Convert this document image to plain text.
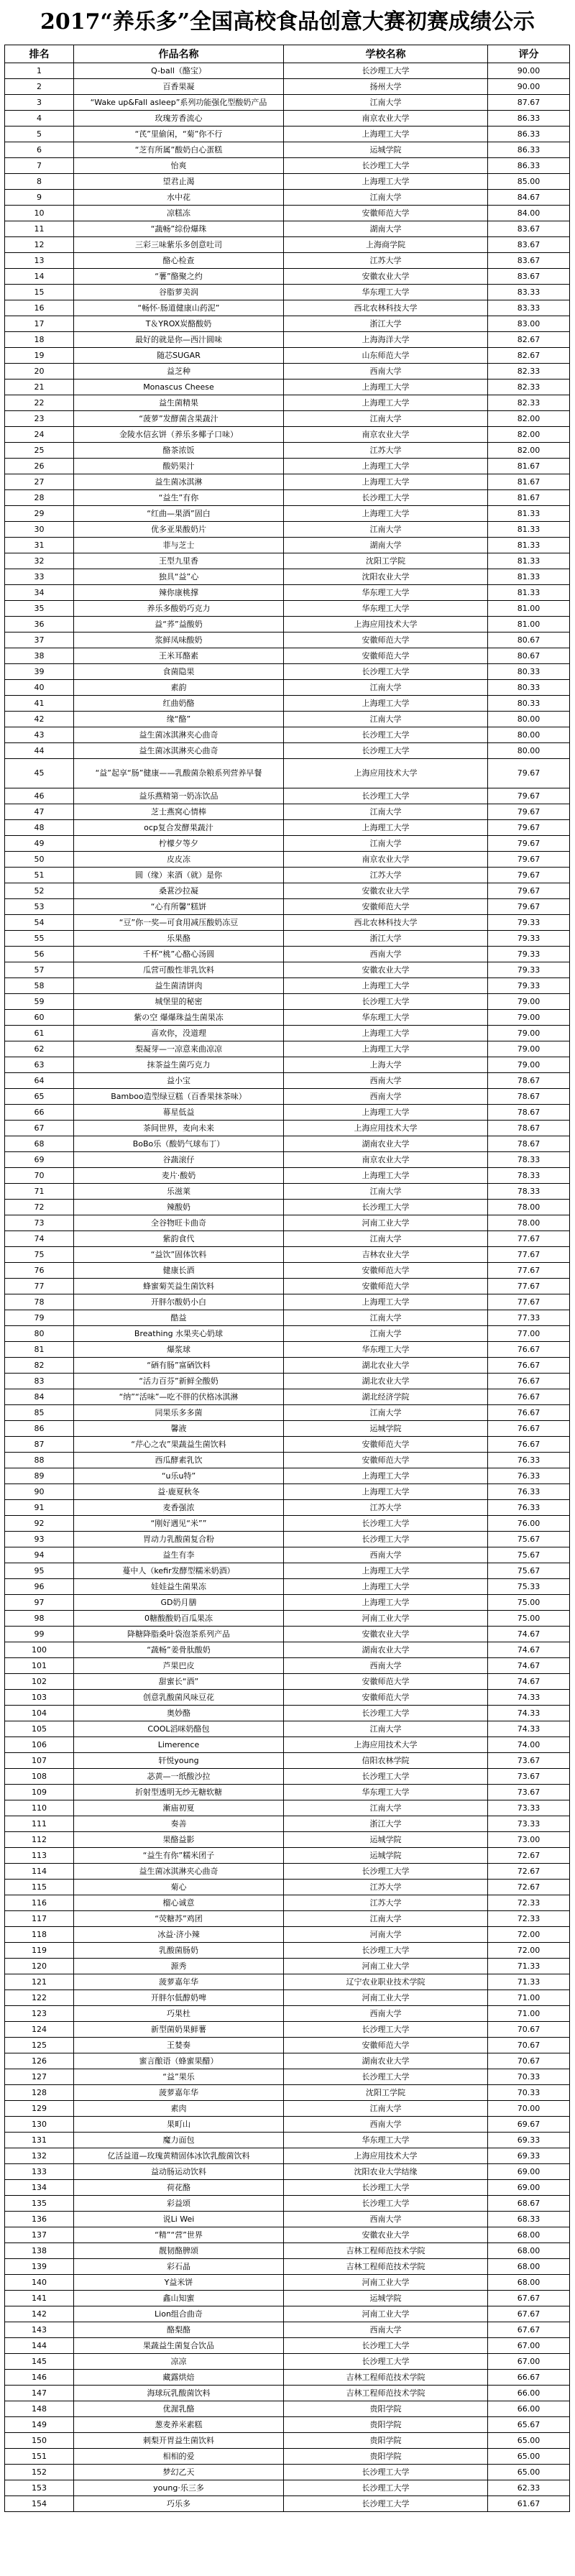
2017“养乐多”全国高校食品创意大赛初赛成绩公示
排名	作品名称	学校名称	评分
1	Q-ball（酪宝）	长沙理工大学	90.00
2	百香果凝	扬州大学	90.00
3	“Wake up&Fall asleep”系列功能强化型酸奶产品	江南大学	87.67
4	玫瑰芳香流心	南京农业大学	86.33
5	“芪”里偷闲，“菊”你不行	上海理工大学	86.33
6	“芝有所属”酸奶白心蛋糕	运城学院	86.33
7	怡爽	长沙理工大学	86.33
8	望君止渴	上海理工大学	85.00
9	水中花	江南大学	84.67
10	凉糕冻	安徽师范大学	84.00
11	“蔬畅”综份爆珠	湖南大学	83.67
12	三彩三味紫乐多创意吐司	上海商学院	83.67
13	酪心检查	江苏大学	83.67
14	“薯”酪聚之约	安徽农业大学	83.67
15	谷脂萝美润	华东理工大学	83.33
16	“畅怀·肠道健康山药泥”	西北农林科技大学	83.33
17	T＆YROX炭酪酸奶	浙江大学	83.00
18	最好的就是你—西汁圆味	上海海洋大学	82.67
19	随芯SUGAR	山东师范大学	82.67
20	益芝种	西南大学	82.33
21	Monascus Cheese	上海理工大学	82.33
22	益生菌精果	上海理工大学	82.33
23	“菠萝”发酵菌含果蔬汁	江南大学	82.00
24	金陵水信玄饼（养乐多椰子口味）	南京农业大学	82.00
25	酪茶浓饭	江苏大学	82.00
26	酸奶果汁	上海理工大学	81.67
27	益生菌冰淇淋	上海理工大学	81.67
28	“益生”有你	长沙理工大学	81.67
29	“红曲—果酒”固白	上海理工大学	81.33
30	优多亚果酸奶片	江南大学	81.33
31	菲与芝士	湖南大学	81.33
32	王型九里香	沈阳工学院	81.33
33	独具“益”心	沈阳农业大学	81.33
34	辣你康桃撑	华东理工大学	81.33
35	养乐多酸奶巧克力	华东理工大学	81.00
36	益“荞”益酸奶	上海应用技术大学	81.00
37	浆鲜凤味酸奶	安徽师范大学	80.67
38	王米耳酪素	安徽师范大学	80.67
39	食菌隐果	长沙理工大学	80.33
40	素韵	江南大学	80.33
41	红曲奶酪	上海理工大学	80.33
42	缘“酪”	江南大学	80.00
43	益生菌冰淇淋夹心曲奇	长沙理工大学	80.00
44	益生菌冰淇淋夹心曲奇	长沙理工大学	80.00
45	“益”起享“肠”健康——乳酸菌杂粮系列营养早餐	上海应用技术大学	79.67
46	益乐燕精第一奶冻饮品	长沙理工大学	79.67
47	芝士燕窝心情棒	江南大学	79.67
48	ocp复合发酵果蔬汁	上海理工大学	79.67
49	柠檬夕等夕	江南大学	79.67
50	皮皮冻	南京农业大学	79.67
51	圆（缘）来酒（就）是你	江苏大学	79.67
52	桑葚沙拉凝	安徽农业大学	79.67
53	“心有所馨”糕饼	安徽师范大学	79.67
54	“豆”你一奖—可食用减压酸奶冻豆	西北农林科技大学	79.33
55	乐果酪	浙江大学	79.33
56	千杯“桃”心酪心汤圆	西南大学	79.33
57	瓜营可酸性菲乳饮料	安徽农业大学	79.33
58	益生菌清饼肉	上海理工大学	79.33
59	城堡里的秘密	长沙理工大学	79.00
60	紫の空 爆爆珠益生菌果冻	华东理工大学	79.00
61	喜欢你，没道理	上海理工大学	79.00
62	梨凝芽—一凉意来曲凉凉	上海理工大学	79.00
63	抹茶益生菌巧克力	上海大学	79.00
64	益小宝	西南大学	78.67
65	Bamboo造型绿豆糕（百香果抹茶味）	西南大学	78.67
66	幕星低益	上海理工大学	78.67
67	茶间世界，麦向未来	上海应用技术大学	78.67
68	BoBo乐（酸奶气球布丁）	湖南农业大学	78.67
69	谷蔬滚仔	南京农业大学	78.33
70	麦片·酸奶	上海理工大学	78.33
71	乐滋莱	江南大学	78.33
72	辣酸奶	长沙理工大学	78.00
73	全谷物旺卡曲奇	河南工业大学	78.00
74	紫韵食代	江南大学	77.67
75	“益饮”固体饮料	吉林农业大学	77.67
76	健康长酒	安徽师范大学	77.67
77	蜂蜜菊芙益生菌饮料	安徽师范大学	77.67
78	开胖尔酸奶小白	上海理工大学	77.67
79	酷益	江南大学	77.33
80	Breathing 水果夹心奶球	江南大学	77.00
81	爆浆球	华东理工大学	76.67
82	“硒有肠”富硒饮料	湖北农业大学	76.67
83	“活力百芬”新鲜全酸奶	湖北农业大学	76.67
84	“纳”“活味”—吃不胖的伏格冰淇淋	湖北经济学院	76.67
85	同果乐多多菌	江南大学	76.67
86	馨液	运城学院	76.67
87	“芹心之农”果蔬益生菌饮料	安徽师范大学	76.67
88	西瓜酵素乳饮	安徽师范大学	76.33
89	“u乐u特”	上海理工大学	76.33
90	益·鹿夏秋冬	上海理工大学	76.33
91	麦香强浓	江苏大学	76.33
92	“刚好遇见“米””	长沙理工大学	76.00
93	胃动力乳酸菌复合粉	长沙理工大学	75.67
94	益生有李	西南大学	75.67
95	蔓中人（kefir发酵型糯米奶酒）	上海理工大学	75.67
96	娃娃益生菌果冻	上海理工大学	75.33
97	GD奶月膳	上海理工大学	75.00
98	0糖酸酸奶百瓜果冻	河南工业大学	75.00
99	降糖降脂桑叶袋泡茶系列产品	安徽农业大学	74.67
100	“蔬畅”姜骨肽酸奶	湖南农业大学	74.67
101	芦果巴皮	西南大学	74.67
102	甜蜜长“酒”	安徽师范大学	74.67
103	创意乳酸菌风味豆花	安徽师范大学	74.33
104	奥妙酪	长沙理工大学	74.33
105	COOL滔咪奶酪包	江南大学	74.33
106	Limerence	上海应用技术大学	74.00
107	轩悦young	信阳农林学院	73.67
108	苾黄—一纸酸沙拉	长沙理工大学	73.67
109	折射型透明无纱无糖软糖	华东理工大学	73.67
110	漸庙初夏	江南大学	73.33
111	奏善	浙江大学	73.33
112	果酪益影	运城学院	73.00
113	“益生有你”糯米团子	运城学院	72.67
114	益生菌冰淇淋夹心曲奇	长沙理工大学	72.67
115	菊心	江苏大学	72.67
116	榴心诚意	江苏大学	72.33
117	“荧糖苏”鸡团	江南大学	72.33
118	冰益·济小辣	河南大学	72.00
119	乳酸菌肠奶	长沙理工大学	72.00
120	源秀	河南工业大学	71.33
121	菠萝嘉年华	辽宁农业职业技术学院	71.33
122	开胖尔低醇奶啤	河南工业大学	71.00
123	巧果杜	西南大学	71.00
124	新型菌奶果鲜薯	长沙理工大学	70.67
125	王婪奏	安徽师范大学	70.67
126	蜜言酿语（蜂蜜果醋）	湖南农业大学	70.67
127	“益”果乐	长沙理工大学	70.33
128	菠萝嘉年华	沈阳工学院	70.33
129	素肉	江南大学	70.00
130	果町山	西南大学	69.67
131	魔力面包	华东理工大学	69.33
132	亿活益道—玫瑰黄精固体冰饮乳酸菌饮料	上海应用技术大学	69.33
133	益动肠运动饮料	沈阳农业大学结缘	69.00
134	荷花酪	长沙理工大学	69.00
135	彩益颂	长沙理工大学	68.67
136	说Li Wei	西南大学	68.33
137	“精”“营”世界	安徽农业大学	68.00
138	靓韧酪脾颂	吉林工程师范技术学院	68.00
139	彩石晶	吉林工程师范技术学院	68.00
140	Y益米饼	河南工业大学	68.00
141	鑫山知蜜	运城学院	67.67
142	Lion组合曲奇	河南工业大学	67.67
143	酪梨酪	西南大学	67.67
144	果蔬益生菌复合饮品	长沙理工大学	67.00
145	凉凉	长沙理工大学	67.00
146	藏露烘焙	吉林工程师范技术学院	66.67
147	海球玩乳酸菌饮料	吉林工程师范技术学院	66.00
148	优渥乳酪	贵阳学院	66.00
149	葱麦养米素糕	贵阳学院	65.67
150	刺梨开胃益生菌饮料	贵阳学院	65.00
151	相相的爱	贵阳学院	65.00
152	梦幻乙天	长沙理工大学	65.00
153	young·乐三多	长沙理工大学	62.33
154	巧乐多	长沙理工大学	61.67
